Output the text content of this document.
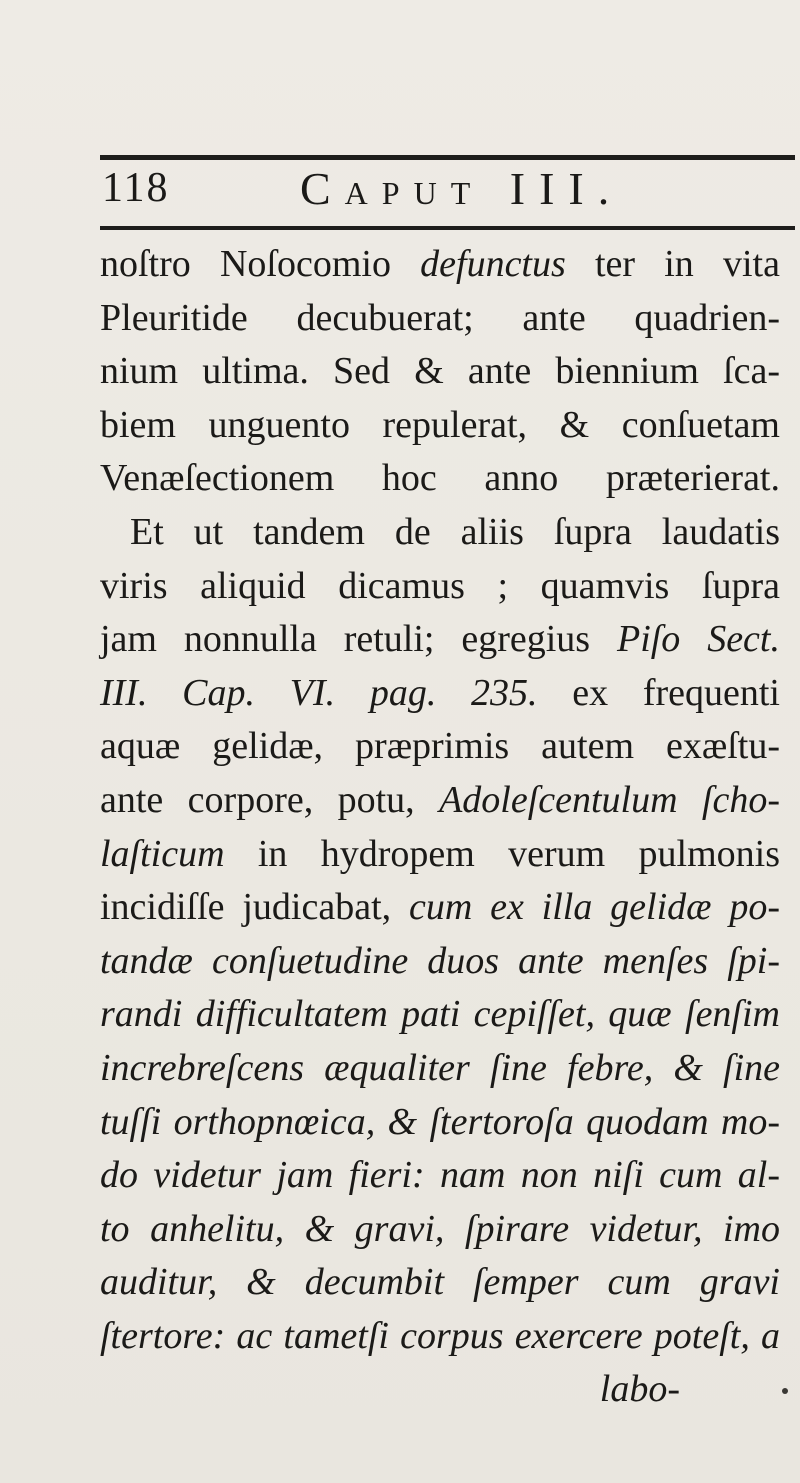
118	Caput III.
noſtro Noſocomio defunctus ter in vita
Pleuritide decubuerat; ante quadrien-
nium ultima. Sed & ante biennium ſca-
biem unguento repulerat, & conſuetam
Venæſectionem hoc anno præterierat.
Et ut tandem de aliis ſupra laudatis
viris aliquid dicamus ; quamvis ſupra
jam nonnulla retuli; egregius Piſo Sect.
III. Cap. VI. pag. 235. ex frequenti
aquæ gelidæ, præprimis autem exæſtu-
ante corpore, potu, Adoleſcentulum ſcho-
laſticum in hydropem verum pulmonis
incidiſſe judicabat, cum ex illa gelidæ po-
tandæ conſuetudine duos ante menſes ſpi-
randi difficultatem pati cepiſſet, quæ ſenſim
increbreſcens æqualiter ſine febre, & ſine
tuſſi orthopnœica, & ſtertoroſa quodam mo-
do videtur jam fieri: nam non niſi cum al-
to anhelitu, & gravi, ſpirare videtur, imo
auditur, & decumbit ſemper cum gravi
ſtertore: ac tametſi corpus exercere poteſt, a
labo-
